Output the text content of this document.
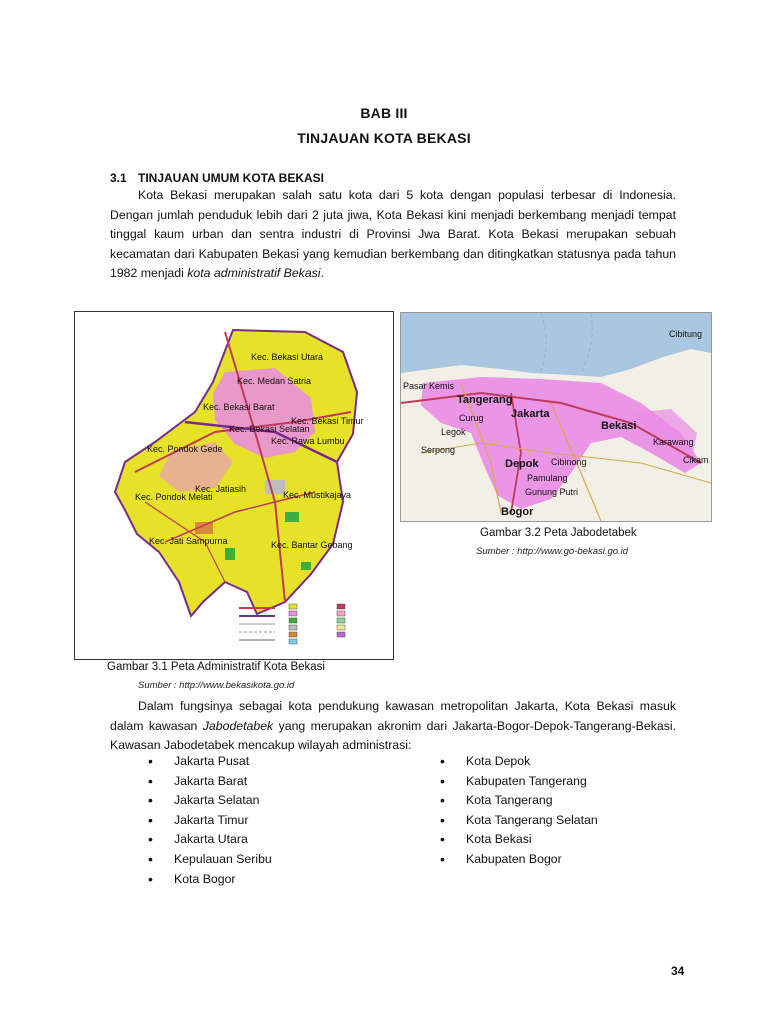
BAB III
TINJAUAN KOTA BEKASI
3.1 TINJAUAN UMUM KOTA BEKASI

Kota Bekasi merupakan salah satu kota dari 5 kota dengan populasi terbesar di Indonesia. Dengan jumlah penduduk lebih dari 2 juta jiwa, Kota Bekasi kini menjadi berkembang menjadi tempat tinggal kaum urban dan sentra industri di Provinsi Jwa Barat. Kota Bekasi merupakan sebuah kecamatan dari Kabupaten Bekasi yang kemudian berkembang dan ditingkatkan statusnya pada tahun 1982 menjadi kota administratif Bekasi.

Kec. Bekasi Utara
Kec. Medan Satria
Kec. Bekasi Barat
Kec. Bekasi Timur
Kec. Bekasi Selatan
Kec. Rawa Lumbu
Kec. Pondok Gede
Kec. Pondok Melati
Kec. Jatiasih
Kec. Mustikajaya
Kec. Jati Sampurna	Kec. Bantar Gebang
Tangerang
Jakarta
Bekasi
Depok
Bogor
Serpong
Curug
Legok
Pamulang
Cibinong
Gunung Putri
Pasar Kemis
Cibitung
Karawang
Cikam
Gambar 3.2 Peta Jabodetabek
Sumber : http://www.go-bekasi.go.id
Gambar 3.1 Peta Administratif Kota Bekasi
Sumber : http://www.bekasikota.go.id

Dalam fungsinya sebagai kota pendukung kawasan metropolitan Jakarta, Kota Bekasi masuk dalam kawasan Jabodetabek yang merupakan akronim dari Jakarta-Bogor-Depok-Tangerang-Bekasi. Kawasan Jabodetabek mencakup wilayah administrasi:

• Jakarta Pusat
• Jakarta Barat
• Jakarta Selatan
• Jakarta Timur
• Jakarta Utara
• Kepulauan Seribu
• Kota Bogor
• Kota Depok
• Kabupaten Tangerang
• Kota Tangerang
• Kota Tangerang Selatan
• Kota Bekasi
• Kabupaten Bogor
34
